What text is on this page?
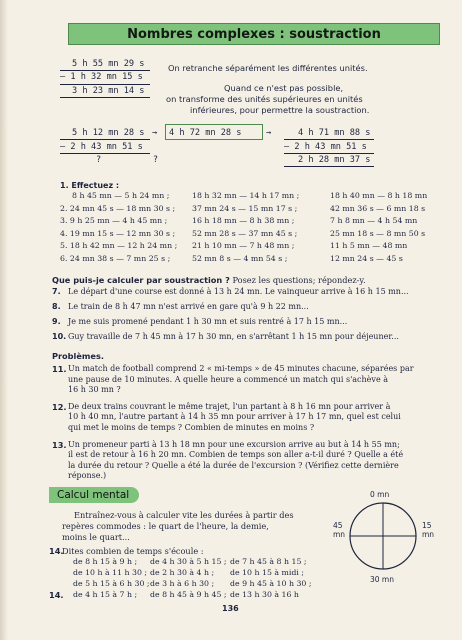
Nombres complexes : soustraction
5 h 55 mn 29 s
— 1 h 32 mn 15 s
3 h 23 mn 14 s
On retranche séparément les différentes unités.
Quand ce n'est pas possible,
on transforme des unités supérieures en unités
inférieures, pour permettre la soustraction.
5 h 12 mn 28 s → 4 h 72 mn 28 s	→
— 2 h 43 mn 51 s
?          ?
4 h 71 mn 88 s
— 2 h 43 mn 51 s
2 h 28 mn 37 s
1. Effectuez :
8 h 45 mn — 5 h 24 mn ;	18 h 32 mn — 14 h 17 mn ;	18 h 40 mn — 8 h 18 mn
2. 24 mn 45 s — 18 mn 30 s ; 37 mn 24 s — 15 mn 17 s ;	42 mn 36 s — 6 mn 18 s
3. 9 h 25 mn — 4 h 45 mn ;	16 h 18 mn — 8 h 38 mn ;	7 h 8 mn — 4 h 54 mn
4. 19 mn 15 s — 12 mn 30 s ; 52 mn 28 s — 37 mn 45 s ;	25 mn 18 s — 8 mn 50 s
5. 18 h 42 mn — 12 h 24 mn ; 21 h 10 mn — 7 h 48 mn ;	11 h 5 mn — 48 mn
6. 24 mn 38 s — 7 mn 25 s ;	52 mn 8 s — 4 mn 54 s ;	12 mn 24 s — 45 s
Que puis-je calculer par soustraction ? Posez les questions; répondez-y.
7. Le départ d'une course est donné à 13 h 24 mn. Le vainqueur arrive à 16 h 15 mn...
8. Le train de 8 h 47 mn n'est arrivé en gare qu'à 9 h 22 mn...
9. Je me suis promené pendant 1 h 30 mn et suis rentré à 17 h 15 mn...
10. Guy travaille de 7 h 45 mn à 17 h 30 mn, en s'arrêtant 1 h 15 mn pour déjeuner...
Problèmes.
11. Un match de football comprend 2 « mi-temps » de 45 minutes chacune, séparées par
une pause de 10 minutes. A quelle heure a commencé un match qui s'achève à
16 h 30 mn ?
12. De deux trains couvrant le même trajet, l'un partant à 8 h 16 mn pour arriver à
10 h 40 mn, l'autre partant à 14 h 35 mn pour arriver à 17 h 17 mn, quel est celui
qui met le moins de temps ? Combien de minutes en moins ?
13. Un promeneur parti à 13 h 18 mn pour une excursion arrive au but à 14 h 55 mn;
il est de retour à 16 h 20 mn. Combien de temps son aller a-t-il duré ? Quelle a été
la durée du retour ? Quelle a été la durée de l'excursion ? (Vérifiez cette dernière
réponse.)
Calcul mental
Entraînez-vous à calculer vite les durées à partir des
repères commodes : le quart de l'heure, la demie,
moins le quart...
14.
Dites combien de temps s'écoule :
de 8 h 15 à 9 h ; de 4 h 30 à 5 h 15 ; de 7 h 45 à 8 h 15 ;
de 10 h à 11 h 30 ; de 2 h 30 à 4 h ; de 10 h 15 à midi ;
de 5 h 15 à 6 h 30 ; de 3 h à 6 h 30 ; de 9 h 45 à 10 h 30 ;
14. de 4 h 15 à 7 h ; de 8 h 45 à 9 h 45 ; de 13 h 30 à 16 h
0 mn
45
mn
15
mn
30 mn
136
